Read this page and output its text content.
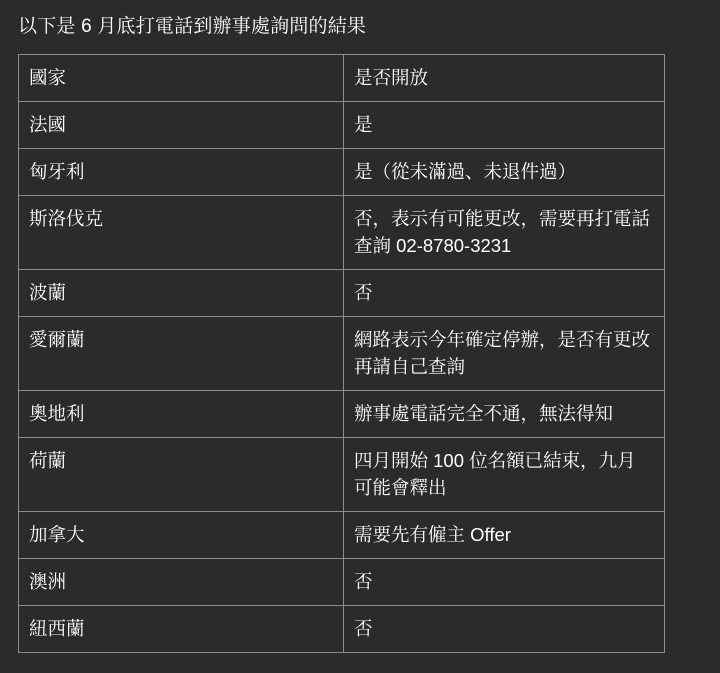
以下是 6 月底打電話到辦事處詢問的結果

國家	是否開放

法國	是

匈牙利	是（從未滿過、未退件過）

斯洛伐克	否，表示有可能更改，需要再打電話查詢 02-8780-3231

波蘭	否

愛爾蘭	網路表示今年確定停辦，是否有更改再請自己查詢

奧地利	辦事處電話完全不通，無法得知

荷蘭	四月開始 100 位名額已結束，九月可能會釋出

加拿大	需要先有僱主 Offer

澳洲	否

紐西蘭	否
